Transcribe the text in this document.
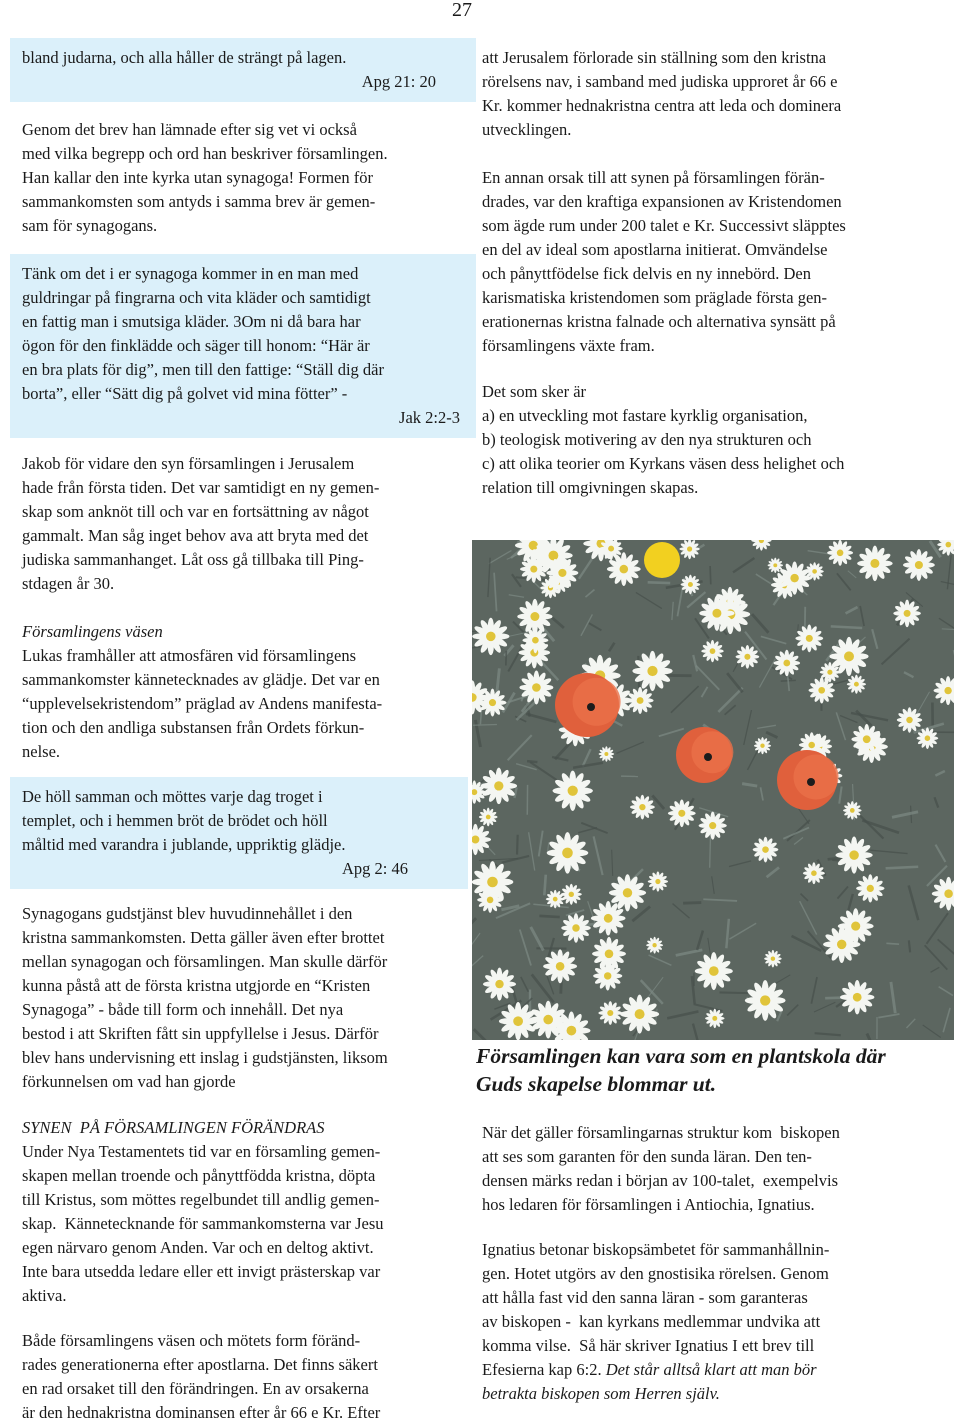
27

bland judarna, och alla håller de strängt på lagen.

Apg 21: 20

Genom det brev han lämnade efter sig vet vi också

med vilka begrepp och ord han beskriver församlingen.

Han kallar den inte kyrka utan synagoga! Formen för

sammankomsten som antyds i samma brev är gemen-

sam för synagogans.

Tänk om det i er synagoga kommer in en man med

guldringar på fingrarna och vita kläder och samtidigt

en fattig man i smutsiga kläder. 3Om ni då bara har

ögon för den finklädde och säger till honom: “Här är

en bra plats för dig”, men till den fattige: “Ställ dig där

borta”, eller “Sätt dig på golvet vid mina fötter” -

Jak 2:2-3

Jakob för vidare den syn församlingen i Jerusalem

hade från första tiden. Det var samtidigt en ny gemen-

skap som anknöt till och var en fortsättning av något

gammalt. Man såg inget behov ava att bryta med det

judiska sammanhanget. Låt oss gå tillbaka till Ping-

stdagen år 30.

Församlingens väsen

Lukas framhåller att atmosfären vid församlingens

sammankomster kännetecknades av glädje. Det var en

“upplevelsekristendom” präglad av Andens manifesta-

tion och den andliga substansen från Ordets förkun-

nelse.

De höll samman och möttes varje dag troget i

templet, och i hemmen bröt de brödet och höll

måltid med varandra i jublande, uppriktig glädje.

Apg 2: 46

Synagogans gudstjänst blev huvudinnehållet i den

kristna sammankomsten. Detta gäller även efter brottet

mellan synagogan och församlingen. Man skulle därför

kunna påstå att de första kristna utgjorde en “Kristen

Synagoga” - både till form och innehåll. Det nya

bestod i att Skriften fått sin uppfyllelse i Jesus. Därför

blev hans undervisning ett inslag i gudstjänsten, liksom

förkunnelsen om vad han gjorde

SYNEN  PÅ FÖRSAMLINGEN FÖRÄNDRAS

Under Nya Testamentets tid var en församling gemen-

skapen mellan troende och pånyttfödda kristna, döpta

till Kristus, som möttes regelbundet till andlig gemen-

skap.  Kännetecknande för sammankomsterna var Jesu

egen närvaro genom Anden. Var och en deltog aktivt.

Inte bara utsedda ledare eller ett invigt prästerskap var

aktiva.

Både församlingens väsen och mötets form föränd-

rades generationerna efter apostlarna. Det finns säkert

en rad orsaket till den förändringen. En av orsakerna

är den hednakristna dominansen efter år 66 e Kr. Efter

att Jerusalem förlorade sin ställning som den kristna

rörelsens nav, i samband med judiska upproret år 66 e

Kr. kommer hednakristna centra att leda och dominera

utvecklingen.

En annan orsak till att synen på församlingen förän-

drades, var den kraftiga expansionen av Kristendomen

som ägde rum under 200 talet e Kr. Successivt släpptes

en del av ideal som apostlarna initierat. Omvändelse

och pånyttfödelse fick delvis en ny innebörd. Den

karismatiska kristendomen som präglade första gen-

erationernas kristna falnade och alternativa synsätt på

församlingens växte fram.

Det som sker är

a) en utveckling mot fastare kyrklig organisation,

b) teologisk motivering av den nya strukturen och

c) att olika teorier om Kyrkans väsen dess helighet och

relation till omgivningen skapas.

Församlingen kan vara som en plantskola där

Guds skapelse blommar ut.

När det gäller församlingarnas struktur kom  biskopen

att ses som garanten för den sunda läran. Den ten-

densen märks redan i början av 100-talet,  exempelvis

hos ledaren för församlingen i Antiochia, Ignatius.

Ignatius betonar biskopsämbetet för sammanhållnin-

gen. Hotet utgörs av den gnostisika rörelsen. Genom

att hålla fast vid den sanna läran - som garanteras

av biskopen -  kan kyrkans medlemmar undvika att

komma vilse.  Så här skriver Ignatius I ett brev till

Efesierna kap 6:2. Det står alltså klart att man bör

betrakta biskopen som Herren själv.
